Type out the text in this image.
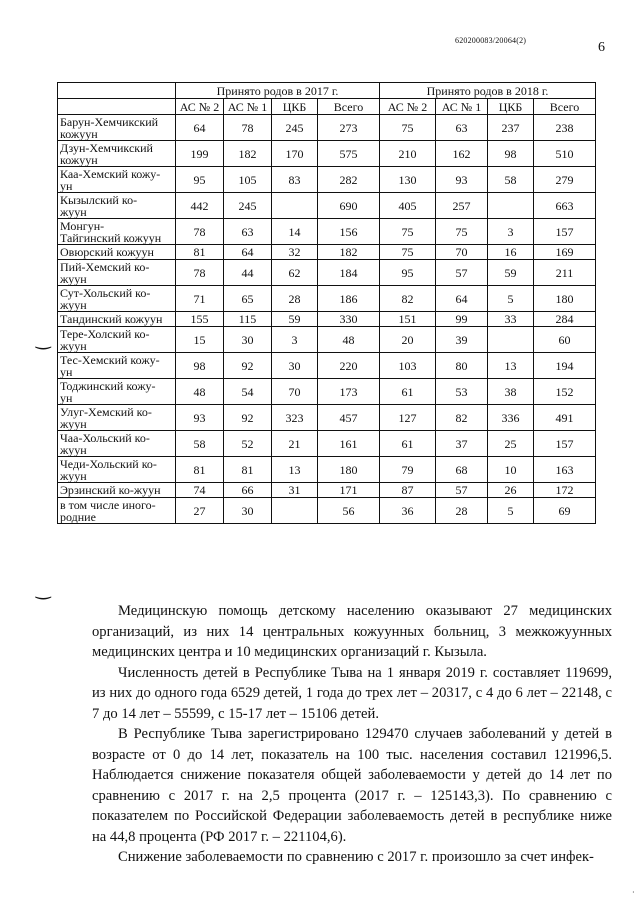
620200083/20064(2)	6
	Принято родов в 2017 г.				Принято родов в 2018 г.			
	АС № 2	АС № 1	ЦКБ	Всего	АС № 2	АС № 1	ЦКБ	Всего
Барун-Хемчикский
кожуун	64	78	245	273	75	63	237	238
Дзун-Хемчикский
кожуун	199	182	170	575	210	162	98	510
Каа-Хемский кожу-
ун	95	105	83	282	130	93	58	279
Кызылский ко-
жуун	442	245		690	405	257		663
Монгун-
Тайгинский кожуун	78	63	14	156	75	75	3	157
Овюрский кожуун	81	64	32	182	75	70	16	169
Пий-Хемский ко-
жуун	78	44	62	184	95	57	59	211
Сут-Хольский ко-
жуун	71	65	28	186	82	64	5	180
Тандинский кожуун	155	115	59	330	151	99	33	284
Тере-Холский ко-
жуун	15	30	3	48	20	39		60
Тес-Хемский кожу-
ун	98	92	30	220	103	80	13	194
Тоджинский кожу-
ун	48	54	70	173	61	53	38	152
Улуг-Хемский ко-
жуун	93	92	323	457	127	82	336	491
Чаа-Хольский ко-
жуун	58	52	21	161	61	37	25	157
Чеди-Хольский ко-
жуун	81	81	13	180	79	68	10	163
Эрзинский ко-жуун	74	66	31	171	87	57	26	172
в том числе иного-
родние	27	30		56	36	28	5	69
‿
‿

Медицинскую помощь детскому населению оказывают 27 медицинских организаций, из них 14 центральных кожуунных больниц, 3 межкожуунных медицинских центра и 10 медицинских организаций г. Кызыла.

Численность детей в Республике Тыва на 1 января 2019 г. составляет 119699, из них до одного года 6529 детей, 1 года до трех лет – 20317, с 4 до 6 лет – 22148, с 7 до 14 лет – 55599, с 15-17 лет – 15106 детей.

В Республике Тыва зарегистрировано 129470 случаев заболеваний у детей в возрасте от 0 до 14 лет, показатель на 100 тыс. населения составил 121996,5. Наблюдается снижение показателя общей заболеваемости у детей до 14 лет по сравнению с 2017 г. на 2,5 процента (2017 г. – 125143,3). По сравнению с показателем по Российской Федерации заболеваемость детей в республике ниже на 44,8 процента (РФ 2017 г. – 221104,6).

Снижение заболеваемости по сравнению с 2017 г. произошло за счет инфек-

·
